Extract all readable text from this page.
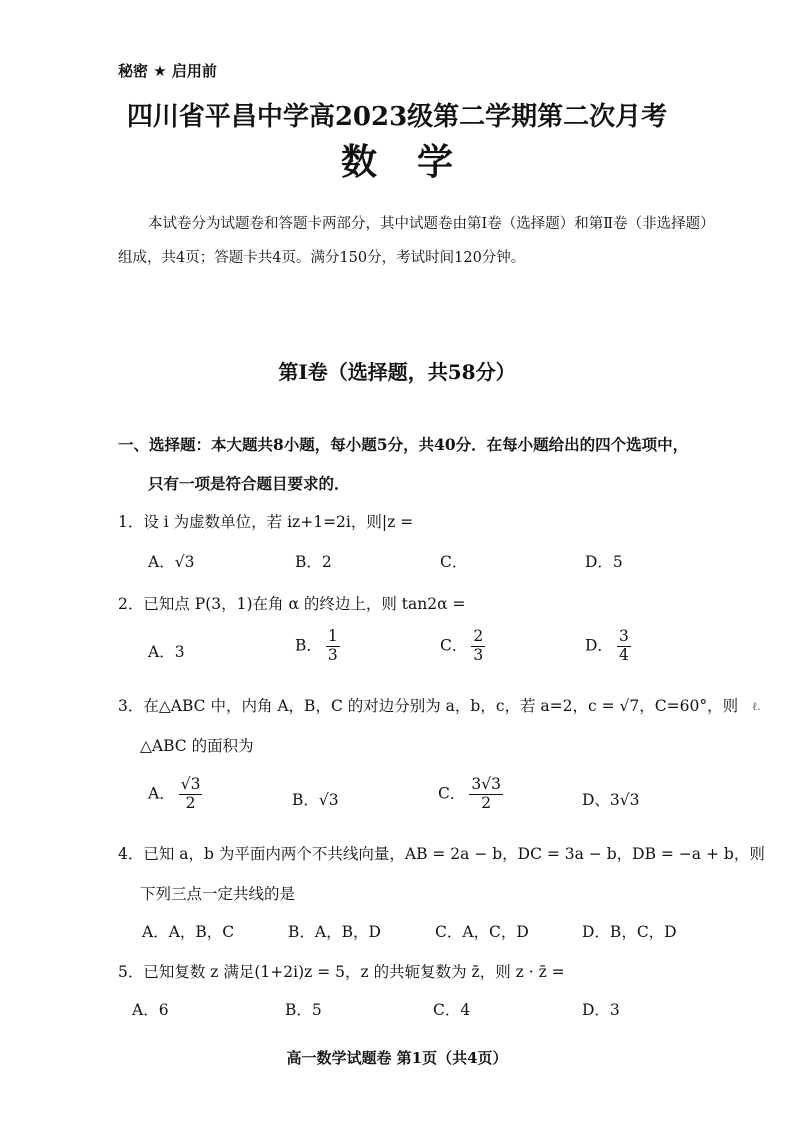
秘密 ★ 启用前
四川省平昌中学高2023级第二学期第二次月考
数学
本试卷分为试题卷和答题卡两部分，其中试题卷由第Ⅰ卷（选择题）和第Ⅱ卷（非选择题）组成，共4页；答题卡共4页。满分150分，考试时间120分钟。
第Ⅰ卷（选择题，共58分）
一、选择题：本大题共8小题，每小题5分，共40分．在每小题给出的四个选项中，
只有一项是符合题目要求的．
1．设 i 为虚数单位，若 iz+1=2i，则|z =
A．√3	B．2	C．	D．5
2．已知点 P(3，1)在角 α 的终边上，则 tan2α =
A．3	B． $\frac{1}{3}$	C． $\frac{2}{3}$	D． $\frac{3}{4}$
3．在△ABC 中，内角 A，B，C 的对边分别为 a，b，c，若 a=2，c = √7，C=60°，则
△ABC 的面积为
ℓ.
A． $\frac{√3}{2}$	B．√3	C． $\frac{3√3}{2}$	D、3√3
4．已知 a，b 为平面内两个不共线向量，AB = 2a − b，DC = 3a − b，DB = −a + b，则
下列三点一定共线的是
A．A，B，C	B．A，B，D	C．A，C，D	D．B，C，D
5．已知复数 z 满足(1+2i)z = 5，z 的共轭复数为 z̄，则 z · z̄ =
A．6	B．5	C．4	D．3
高一数学试题卷 第1页（共4页）
